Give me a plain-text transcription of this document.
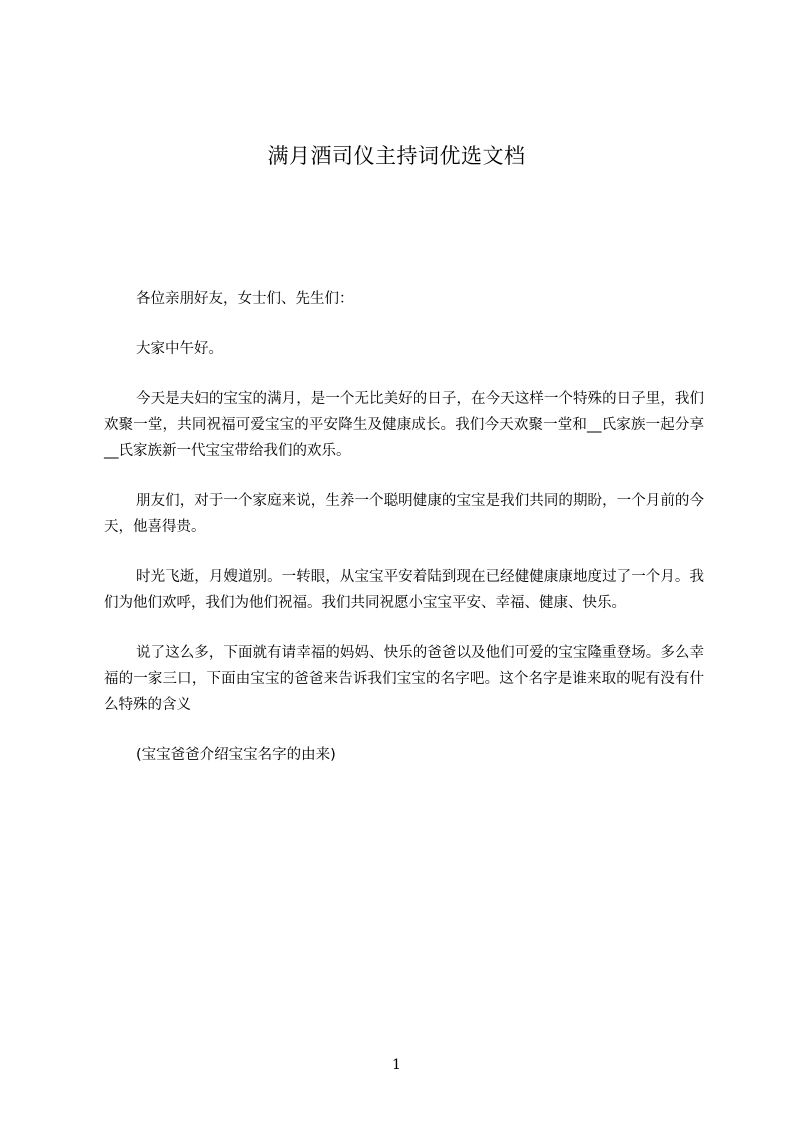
满月酒司仪主持词优选文档

各位亲朋好友，女士们、先生们：

大家中午好。

今天是夫妇的宝宝的满月，是一个无比美好的日子，在今天这样一个特殊的日子里，我们欢聚一堂，共同祝福可爱宝宝的平安降生及健康成长。我们今天欢聚一堂和__氏家族一起分享__氏家族新一代宝宝带给我们的欢乐。

朋友们，对于一个家庭来说，生养一个聪明健康的宝宝是我们共同的期盼，一个月前的今天，他喜得贵。

时光飞逝，月嫂道别。一转眼，从宝宝平安着陆到现在已经健健康康地度过了一个月。我们为他们欢呼，我们为他们祝福。我们共同祝愿小宝宝平安、幸福、健康、快乐。

说了这么多，下面就有请幸福的妈妈、快乐的爸爸以及他们可爱的宝宝隆重登场。多么幸福的一家三口，下面由宝宝的爸爸来告诉我们宝宝的名字吧。这个名字是谁来取的呢有没有什么特殊的含义

(宝宝爸爸介绍宝宝名字的由来)

1
